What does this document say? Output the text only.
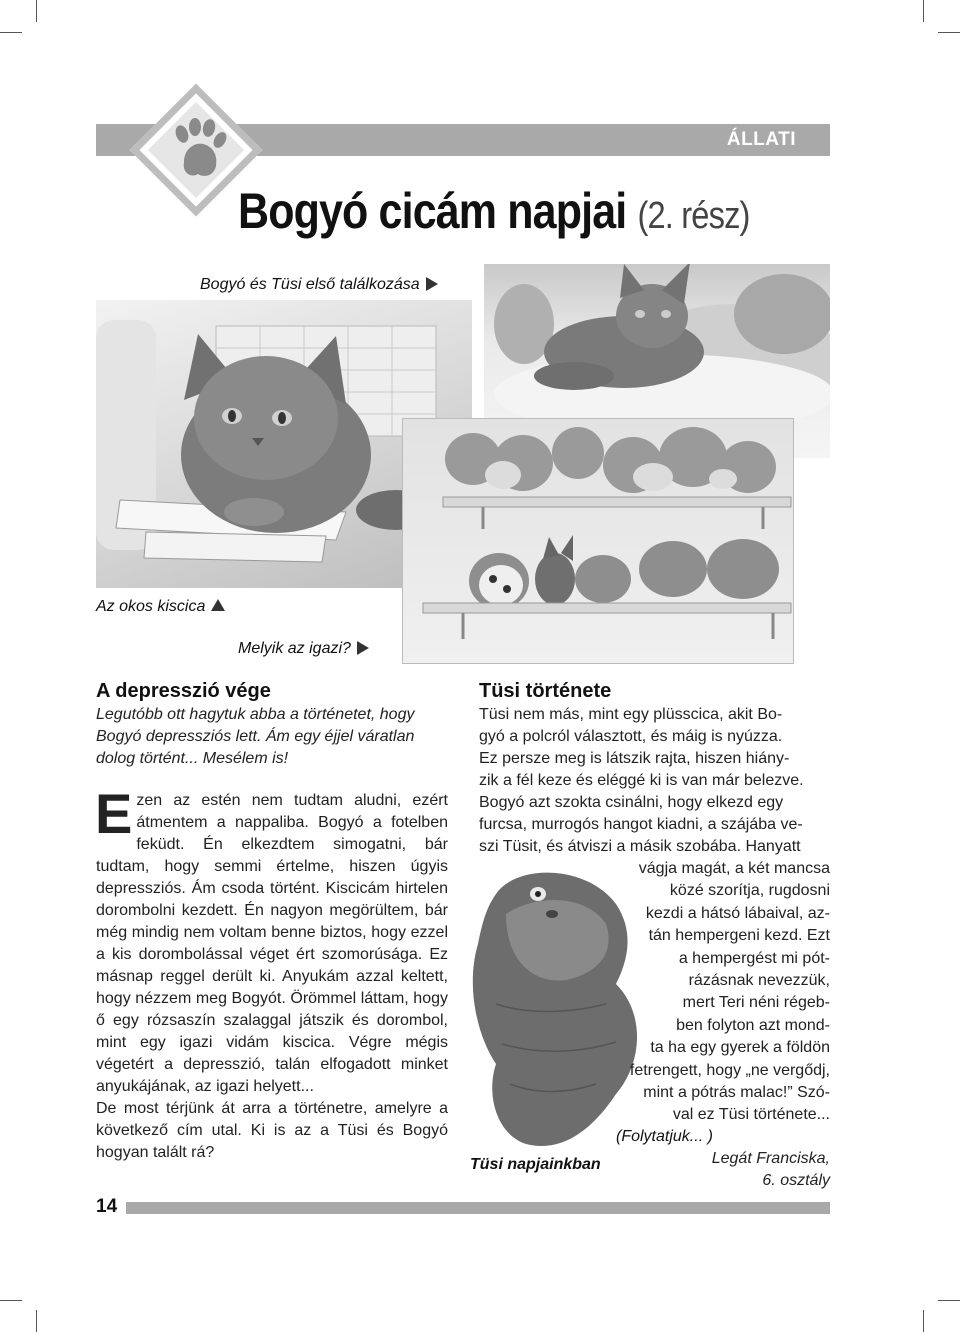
ÁLLATI
Bogyó cicám napjai (2. rész)
Bogyó és Tüsi első találkozása
Az okos kiscica
Melyik az igazi?
A depresszió vége
Legutóbb ott hagytuk abba a történetet, hogy Bogyó depressziós lett. Ám egy éjjel váratlan dolog történt... Mesélem is!
E zen az estén nem tudtam aludni, ezért átmentem a nappaliba. Bogyó a fotelben feküdt. Én elkezdtem simogatni, bár tudtam, hogy semmi értelme, hiszen úgyis depressziós. Ám csoda történt. Kiscicám hirtelen dorombolni kezdett. Én nagyon megörültem, bár még mindig nem voltam benne biztos, hogy ezzel a kis dorombolással véget ért szomorúsága. Ez másnap reggel derült ki. Anyukám azzal keltett, hogy nézzem meg Bogyót. Örömmel láttam, hogy ő egy rózsaszín szalaggal játszik és dorombol, mint egy igazi vidám kiscica. Végre mégis végetért a depresszió, talán elfogadott minket anyukájának, az igazi helyett...

De most térjünk át arra a történetre, amelyre a következő cím utal. Ki is az a Tüsi és Bogyó hogyan talált rá?

Tüsi története

Tüsi nem más, mint egy plüsscica, akit Bo-

gyó a polcról választott, és máig is nyúzza.

Ez persze meg is látszik rajta, hiszen hiány-

zik a fél keze és eléggé ki is van már belezve.

Bogyó azt szokta csinálni, hogy elkezd egy

furcsa, murrogós hangot kiadni, a szájába ve-

szi Tüsit, és átviszi a másik szobába. Hanyatt

vágja magát, a két mancsa
közé szorítja, rugdosni
kezdi a hátsó lábaival, az-
tán hempergeni kezd. Ezt
a hempergést mi pót-
rázásnak nevezzük,
mert Teri néni régeb-
ben folyton azt mond-
ta ha egy gyerek a földön
fetrengett, hogy „ne vergődj,
mint a pótrás malac!” Szó-
val ez Tüsi története...
(Folytatjuk... )
Tüsi napjainkban	Legát Franciska,
6. osztály
14
